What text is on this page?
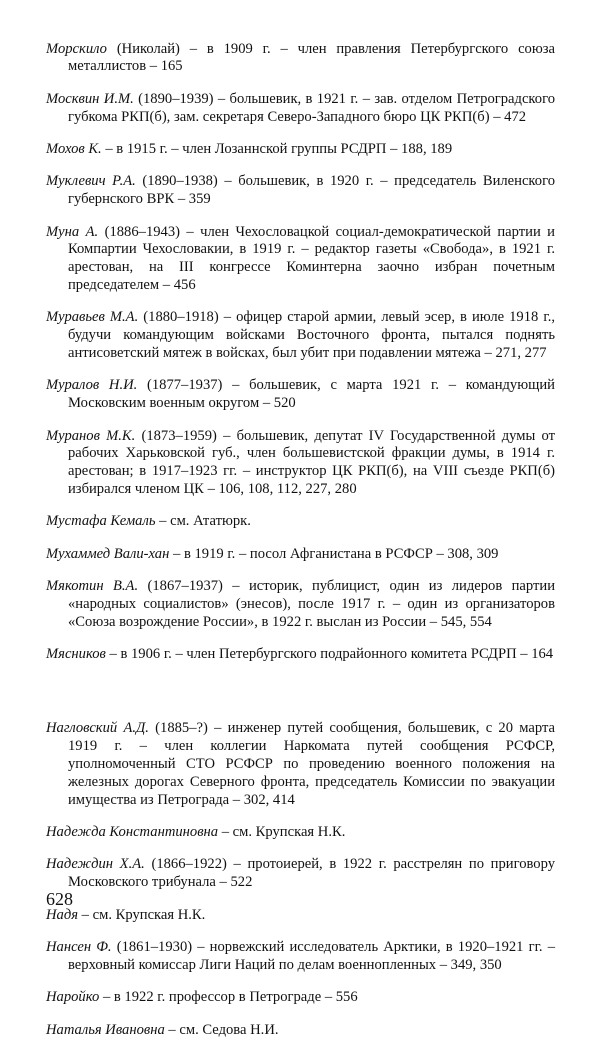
Морскило (Николай) – в 1909 г. – член правления Петербургского союза металлистов – 165

Москвин И.М. (1890–1939) – большевик, в 1921 г. – зав. отделом Петроградского губкома РКП(б), зам. секретаря Северо-Западного бюро ЦК РКП(б) – 472

Мохов К. – в 1915 г. – член Лозаннской группы РСДРП – 188, 189

Муклевич Р.А. (1890–1938) – большевик, в 1920 г. – председатель Виленского губернского ВРК – 359

Муна А. (1886–1943) – член Чехословацкой социал-демократической партии и Компартии Чехословакии, в 1919 г. – редактор газеты «Свобода», в 1921 г. арестован, на III конгрессе Коминтерна заочно избран почетным председателем – 456

Муравьев М.А. (1880–1918) – офицер старой армии, левый эсер, в июле 1918 г., будучи командующим войсками Восточного фронта, пытался поднять антисоветский мятеж в войсках, был убит при подавлении мятежа – 271, 277

Муралов Н.И. (1877–1937) – большевик, с марта 1921 г. – командующий Московским военным округом – 520

Муранов М.К. (1873–1959) – большевик, депутат IV Государственной думы от рабочих Харьковской губ., член большевистской фракции думы, в 1914 г. арестован; в 1917–1923 гг. – инструктор ЦК РКП(б), на VIII съезде РКП(б) избирался членом ЦК – 106, 108, 112, 227, 280

Мустафа Кемаль – см. Ататюрк.

Мухаммед Вали-хан – в 1919 г. – посол Афганистана в РСФСР – 308, 309

Мякотин В.А. (1867–1937) – историк, публицист, один из лидеров партии «народных социалистов» (энесов), после 1917 г. – один из организаторов «Союза возрождение России», в 1922 г. выслан из России – 545, 554

Мясников – в 1906 г. – член Петербургского подрайонного комитета РСДРП – 164

Нагловский А.Д. (1885–?) – инженер путей сообщения, большевик, с 20 марта 1919 г. – член коллегии Наркомата путей сообщения РСФСР, уполномоченный СТО РСФСР по проведению военного положения на железных дорогах Северного фронта, председатель Комиссии по эвакуации имущества из Петрограда – 302, 414

Надежда Константиновна – см. Крупская Н.К.

Надеждин Х.А. (1866–1922) – протоиерей, в 1922 г. расстрелян по приговору Московского трибунала – 522

Надя – см. Крупская Н.К.

Нансен Ф. (1861–1930) – норвежский исследователь Арктики, в 1920–1921 гг. – верховный комиссар Лиги Наций по делам военнопленных – 349, 350

Наройко – в 1922 г. профессор в Петрограде – 556

Наталья Ивановна – см. Седова Н.И.

628
